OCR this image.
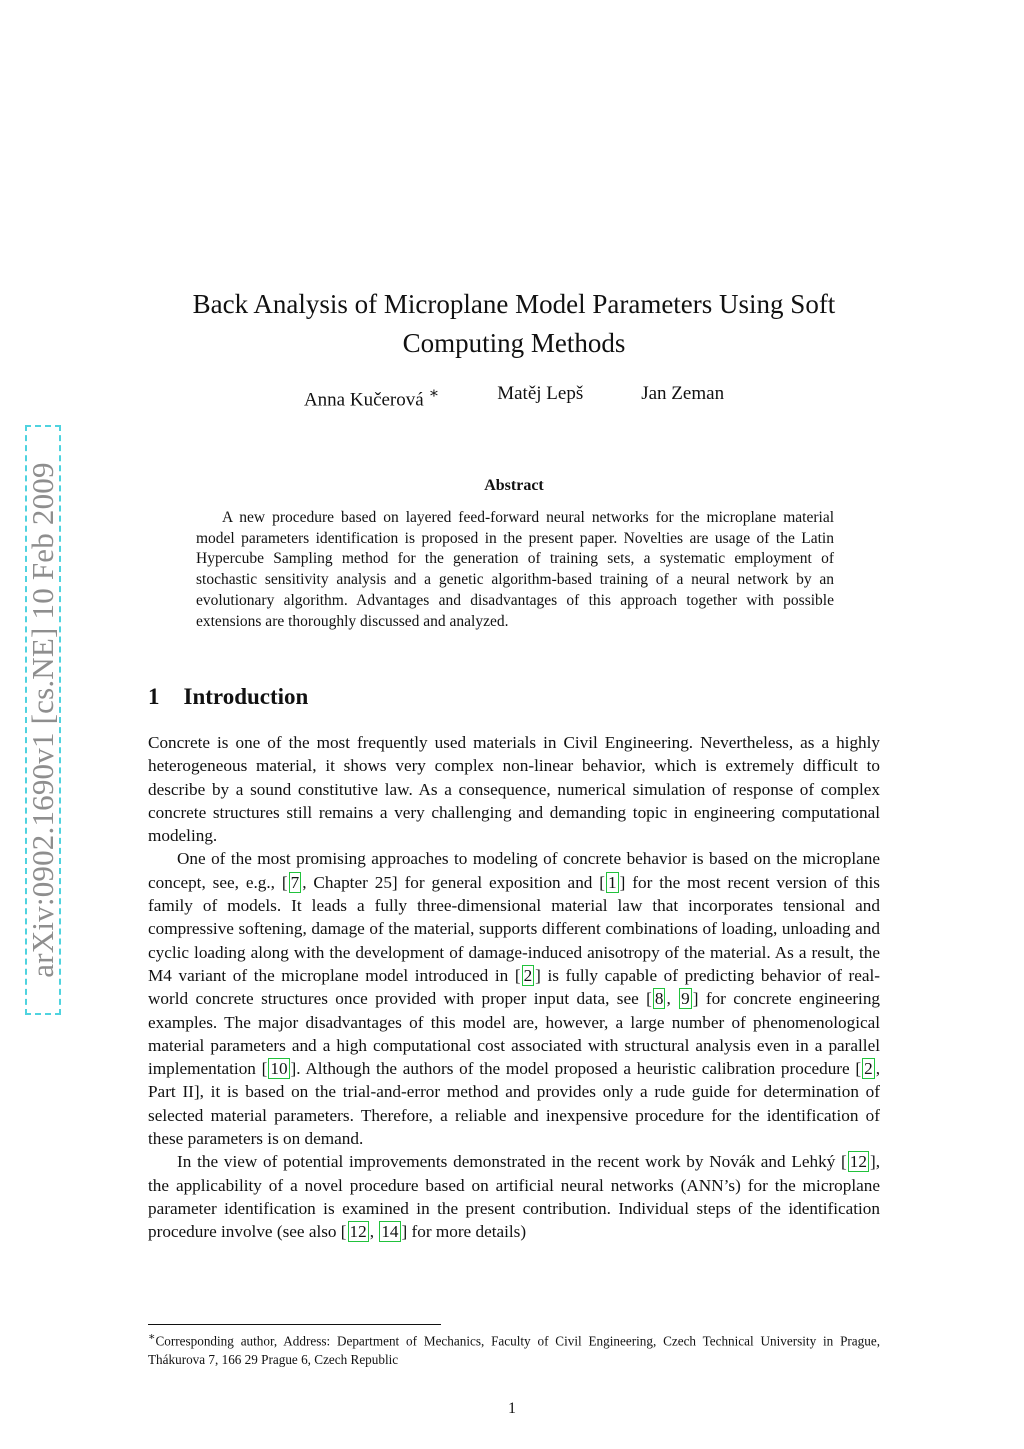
arXiv:0902.1690v1 [cs.NE] 10 Feb 2009
Back Analysis of Microplane Model Parameters Using Soft
Computing Methods
Anna Kučerová ∗	Matěj Lepš	Jan Zeman
Abstract

A new procedure based on layered feed-forward neural networks for the microplane material model parameters identification is proposed in the present paper. Novelties are usage of the Latin Hypercube Sampling method for the generation of training sets, a systematic employment of stochastic sensitivity analysis and a genetic algorithm-based training of a neural network by an evolutionary algorithm. Advantages and disadvantages of this approach together with possible extensions are thoroughly discussed and analyzed.

1 Introduction

Concrete is one of the most frequently used materials in Civil Engineering. Nevertheless, as a highly heterogeneous material, it shows very complex non-linear behavior, which is extremely difficult to describe by a sound constitutive law. As a consequence, numerical simulation of response of complex concrete structures still remains a very challenging and demanding topic in engineering computational modeling.

One of the most promising approaches to modeling of concrete behavior is based on the microplane concept, see, e.g., [ 7 , Chapter 25] for general exposition and [ 1 ] for the most recent version of this family of models. It leads a fully three-dimensional material law that incorporates tensional and compressive softening, damage of the material, supports different combinations of loading, unloading and cyclic loading along with the development of damage-induced anisotropy of the material. As a result, the M4 variant of the microplane model introduced in [ 2 ] is fully capable of predicting behavior of real-world concrete structures once provided with proper input data, see [ 8 , 9 ] for concrete engineering examples. The major disadvantages of this model are, however, a large number of phenomenological material parameters and a high computational cost associated with structural analysis even in a parallel implementation [ 10 ]. Although the authors of the model proposed a heuristic calibration procedure [ 2 , Part II], it is based on the trial-and-error method and provides only a rude guide for determination of selected material parameters. Therefore, a reliable and inexpensive procedure for the identification of these parameters is on demand.

In the view of potential improvements demonstrated in the recent work by Novák and Lehký [ 12 ], the applicability of a novel procedure based on artificial neural networks (ANN’s) for the microplane parameter identification is examined in the present contribution. Individual steps of the identification procedure involve (see also [ 12 , 14 ] for more details)

∗Corresponding author, Address: Department of Mechanics, Faculty of Civil Engineering, Czech Technical University in Prague, Thákurova 7, 166 29 Prague 6, Czech Republic

1
